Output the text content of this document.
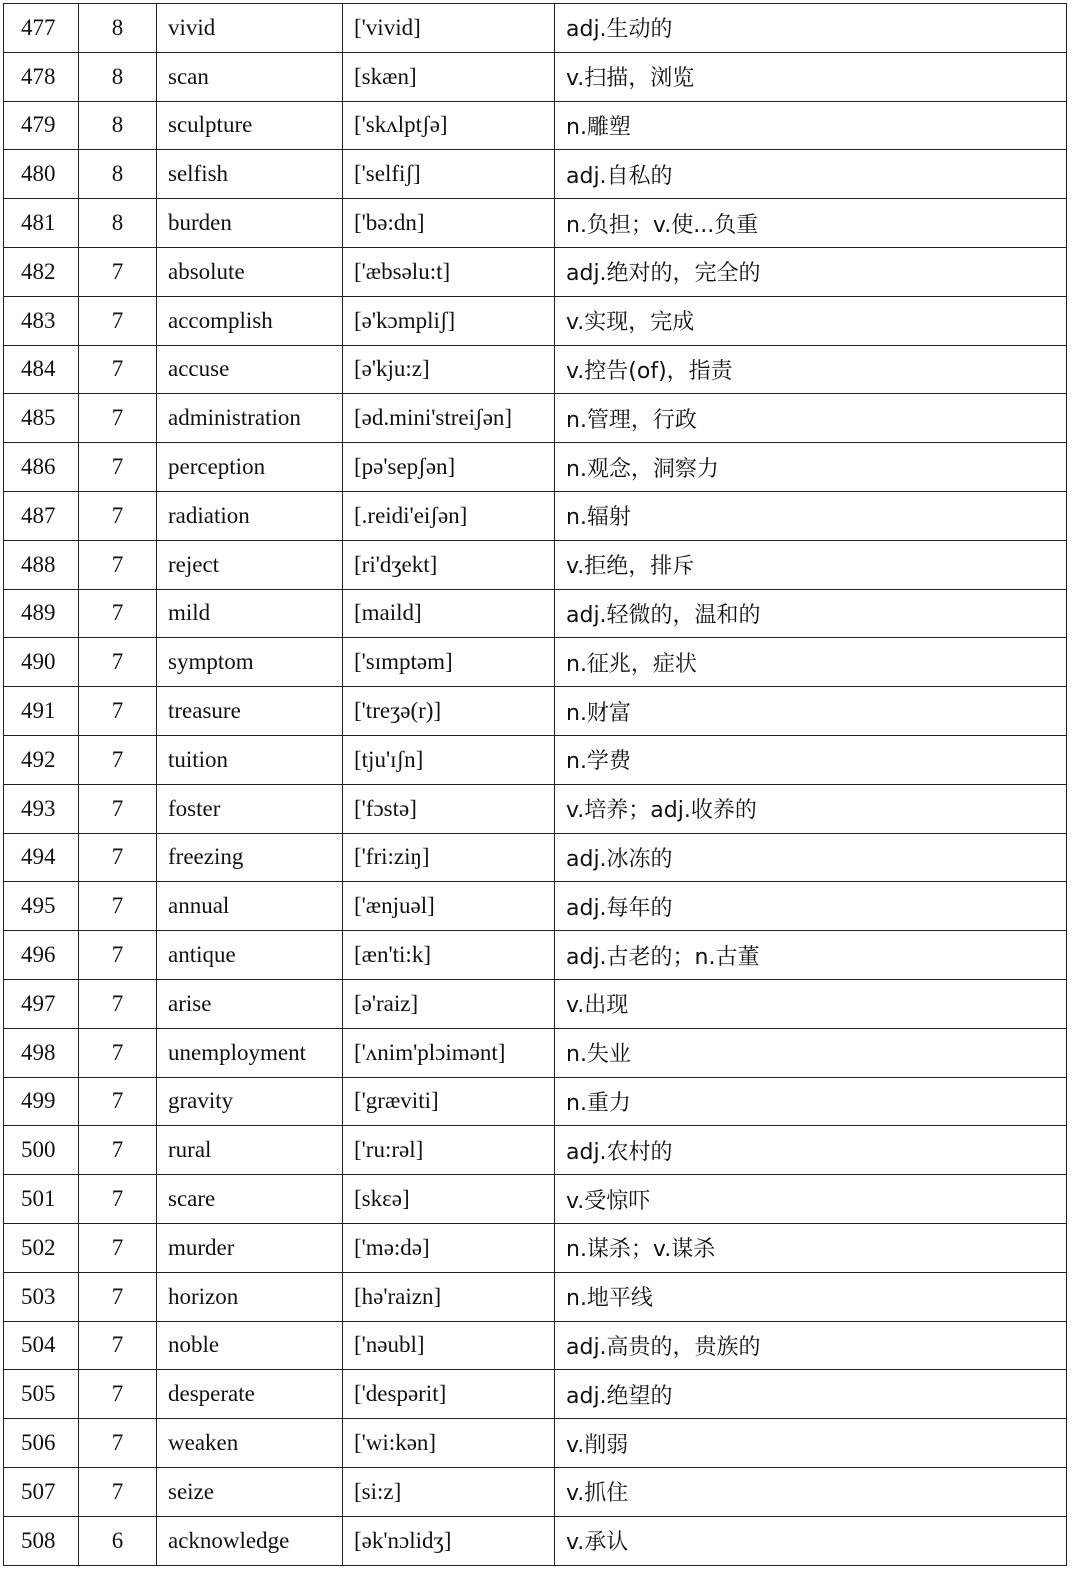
477	8	vivid	['vivid]	adj.生动的
478	8	scan	[skæn]	v.扫描，浏览
479	8	sculpture	['skʌlptʃə]	n.雕塑
480	8	selfish	['selfiʃ]	adj.自私的
481	8	burden	['bə:dn]	n.负担；v.使...负重
482	7	absolute	['æbsəlu:t]	adj.绝对的，完全的
483	7	accomplish	[ə'kɔmpliʃ]	v.实现，完成
484	7	accuse	[ə'kju:z]	v.控告(of)，指责
485	7	administration	[əd.mini'streiʃən]	n.管理，行政
486	7	perception	[pə'sepʃən]	n.观念，洞察力
487	7	radiation	[.reidi'eiʃən]	n.辐射
488	7	reject	[ri'dʒekt]	v.拒绝，排斥
489	7	mild	[maild]	adj.轻微的，温和的
490	7	symptom	['sɪmptəm]	n.征兆，症状
491	7	treasure	['treʒə(r)]	n.财富
492	7	tuition	[tju'ɪʃn]	n.学费
493	7	foster	['fɔstə]	v.培养；adj.收养的
494	7	freezing	['fri:ziŋ]	adj.冰冻的
495	7	annual	['ænjuəl]	adj.每年的
496	7	antique	[æn'ti:k]	adj.古老的；n.古董
497	7	arise	[ə'raiz]	v.出现
498	7	unemployment	['ʌnim'plɔimənt]	n.失业
499	7	gravity	['græviti]	n.重力
500	7	rural	['ru:rəl]	adj.农村的
501	7	scare	[skɛə]	v.受惊吓
502	7	murder	['mə:də]	n.谋杀；v.谋杀
503	7	horizon	[hə'raizn]	n.地平线
504	7	noble	['nəubl]	adj.高贵的，贵族的
505	7	desperate	['despərit]	adj.绝望的
506	7	weaken	['wi:kən]	v.削弱
507	7	seize	[si:z]	v.抓住
508	6	acknowledge	[ək'nɔlidʒ]	v.承认
